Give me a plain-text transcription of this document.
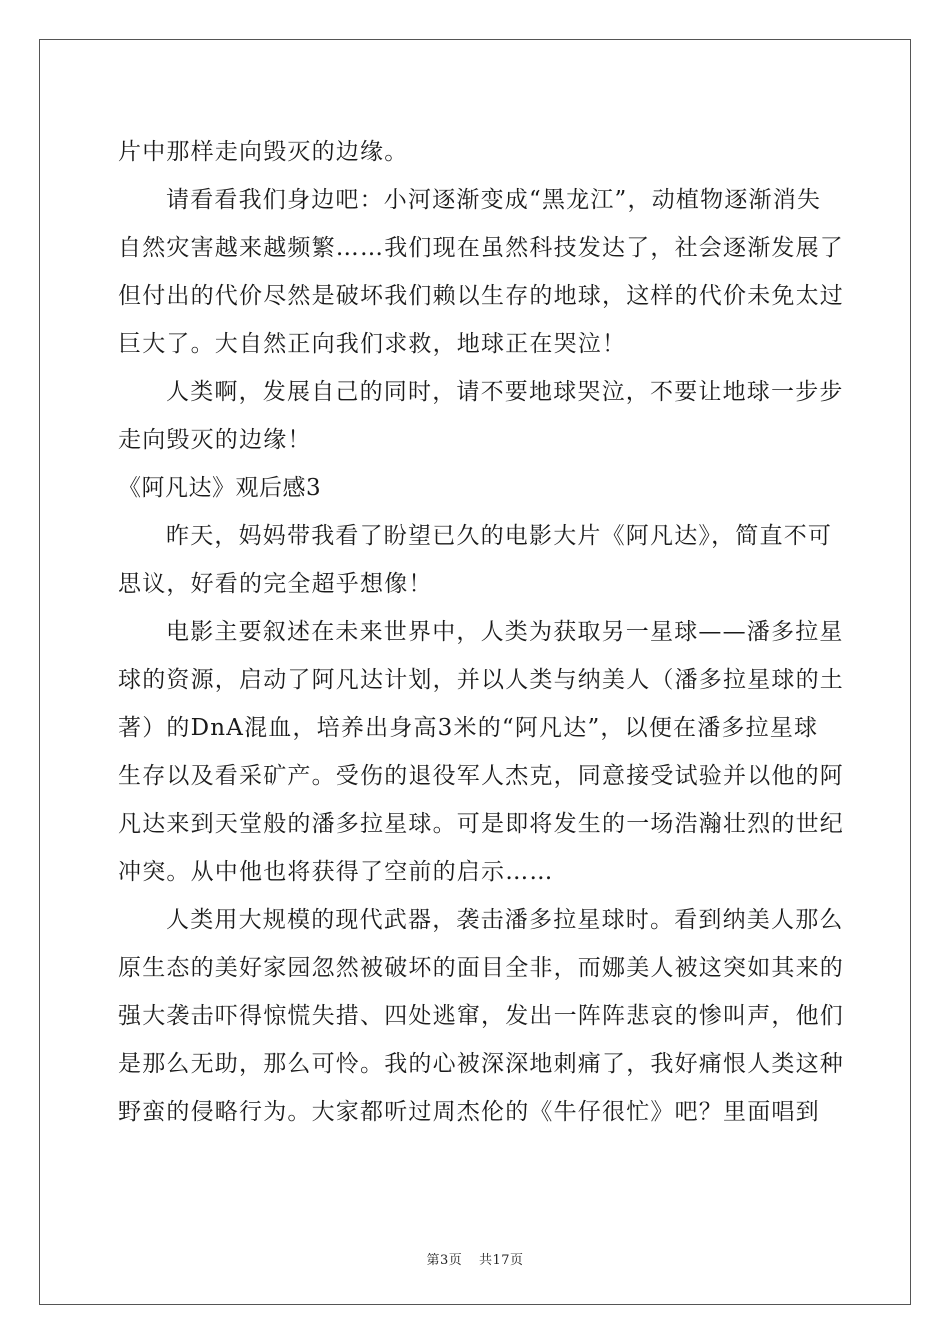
片中那样走向毁灭的边缘。
请看看我们身边吧：小河逐渐变成“黑龙江”，动植物逐渐消失
自然灾害越来越频繁……我们现在虽然科技发达了，社会逐渐发展了
但付出的代价尽然是破坏我们赖以生存的地球，这样的代价未免太过
巨大了。大自然正向我们求救，地球正在哭泣！
人类啊，发展自己的同时，请不要地球哭泣，不要让地球一步步
走向毁灭的边缘！
《阿凡达》观后感3
昨天，妈妈带我看了盼望已久的电影大片《阿凡达》，简直不可
思议，好看的完全超乎想像！
电影主要叙述在未来世界中，人类为获取另一星球——潘多拉星
球的资源，启动了阿凡达计划，并以人类与纳美人（潘多拉星球的土
著）的DnA混血，培养出身高3米的“阿凡达”，以便在潘多拉星球
生存以及看采矿产。受伤的退役军人杰克，同意接受试验并以他的阿
凡达来到天堂般的潘多拉星球。可是即将发生的一场浩瀚壮烈的世纪
冲突。从中他也将获得了空前的启示……
人类用大规模的现代武器，袭击潘多拉星球时。看到纳美人那么
原生态的美好家园忽然被破坏的面目全非，而娜美人被这突如其来的
强大袭击吓得惊慌失措、四处逃窜，发出一阵阵悲哀的惨叫声，他们
是那么无助，那么可怜。我的心被深深地刺痛了，我好痛恨人类这种
野蛮的侵略行为。大家都听过周杰伦的《牛仔很忙》吧？里面唱到
第3页 共17页
